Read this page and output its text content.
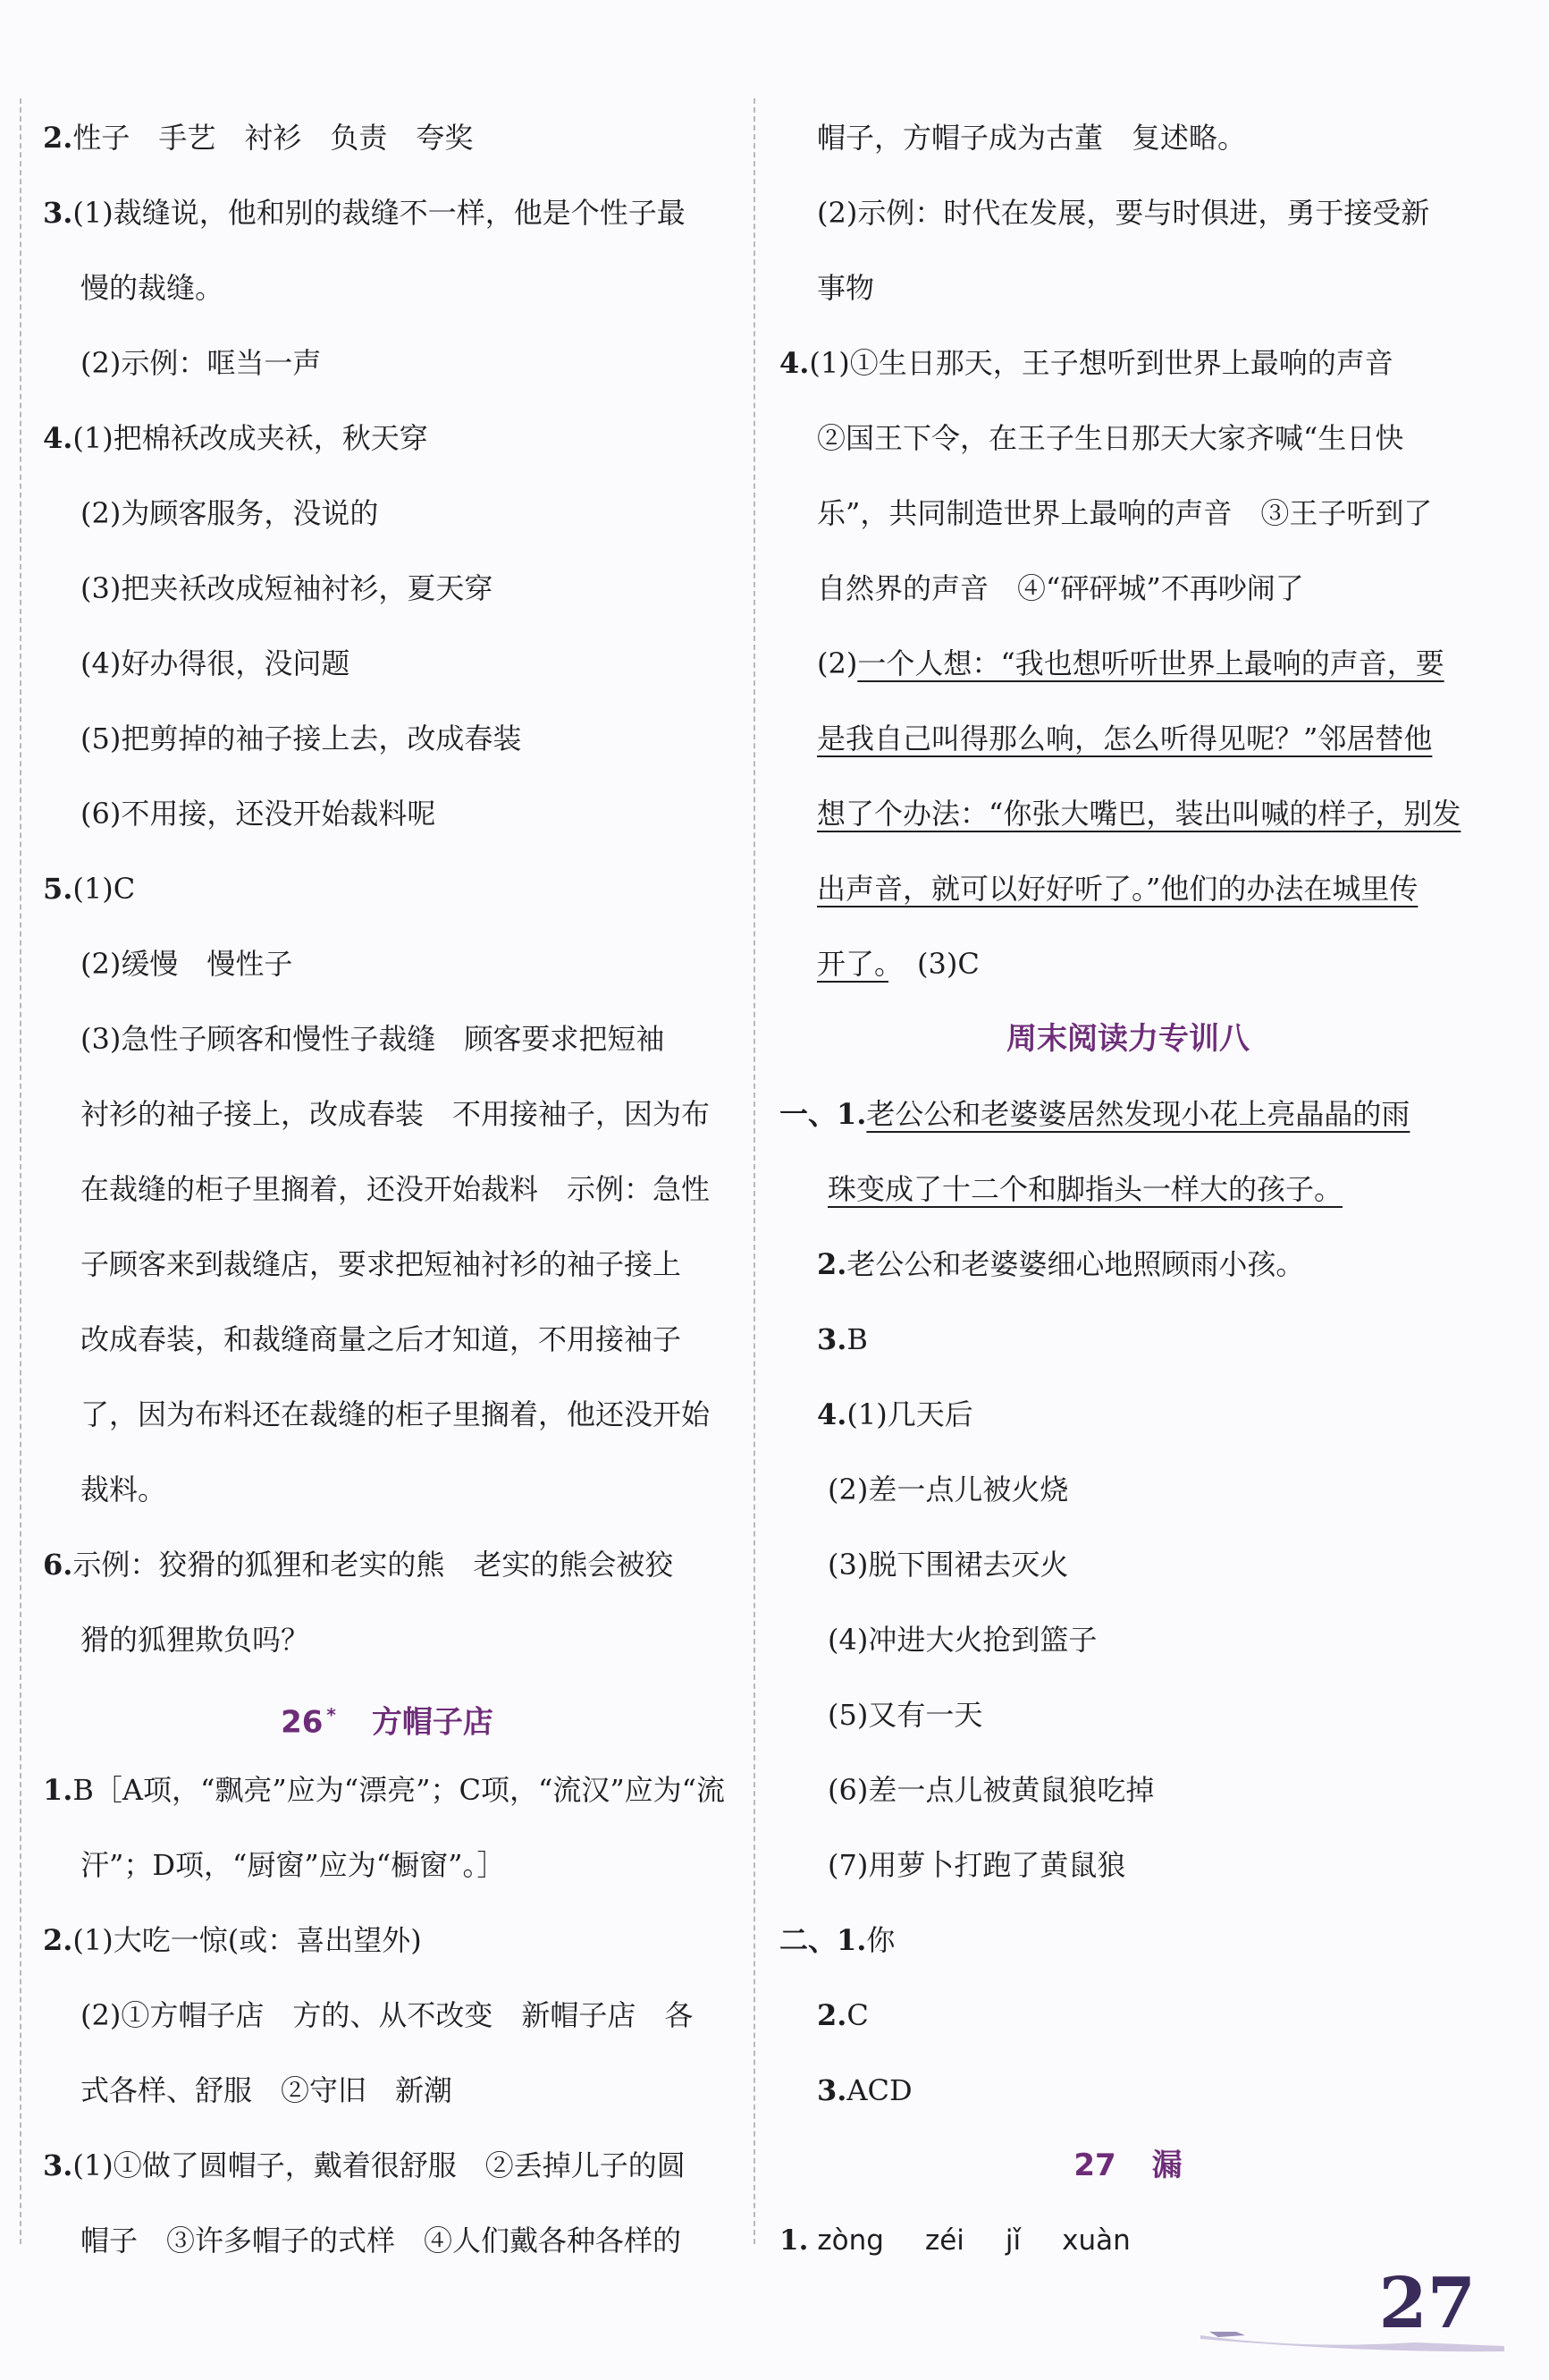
2.性子　手艺　衬衫　负责　夸奖
3.(1)裁缝说，他和别的裁缝不一样，他是个性子最
慢的裁缝。
(2)示例：哐当一声
4.(1)把棉袄改成夹袄，秋天穿
(2)为顾客服务，没说的
(3)把夹袄改成短袖衬衫，夏天穿
(4)好办得很，没问题
(5)把剪掉的袖子接上去，改成春装
(6)不用接，还没开始裁料呢
5.(1)C
(2)缓慢　慢性子
(3)急性子顾客和慢性子裁缝　顾客要求把短袖
衬衫的袖子接上，改成春装　不用接袖子，因为布
在裁缝的柜子里搁着，还没开始裁料　示例：急性
子顾客来到裁缝店，要求把短袖衬衫的袖子接上
改成春装，和裁缝商量之后才知道，不用接袖子
了，因为布料还在裁缝的柜子里搁着，他还没开始
裁料。
6.示例：狡猾的狐狸和老实的熊　老实的熊会被狡
猾的狐狸欺负吗？
26 * 方帽子店
1.B［A项，“飘亮”应为“漂亮”；C项，“流汉”应为“流
汗”；D项，“厨窗”应为“橱窗”。］
2.(1)大吃一惊(或：喜出望外)
(2)①方帽子店　方的、从不改变　新帽子店　各
式各样、舒服　②守旧　新潮
3.(1)①做了圆帽子，戴着很舒服　②丢掉儿子的圆
帽子　③许多帽子的式样　④人们戴各种各样的
帽子，方帽子成为古董　复述略。
(2)示例：时代在发展，要与时俱进，勇于接受新
事物
4.(1)①生日那天，王子想听到世界上最响的声音
②国王下令，在王子生日那天大家齐喊“生日快
乐”，共同制造世界上最响的声音　③王子听到了
自然界的声音　④“砰砰城”不再吵闹了
(2)一个人想：“我也想听听世界上最响的声音，要
是我自己叫得那么响，怎么听得见呢？”邻居替他
想了个办法：“你张大嘴巴，装出叫喊的样子，别发
出声音，就可以好好听了。”他们的办法在城里传
开了。　(3)C
周末阅读力专训八
一、1.老公公和老婆婆居然发现小花上亮晶晶的雨
珠变成了十二个和脚指头一样大的孩子。
2.老公公和老婆婆细心地照顾雨小孩。
3.B
4.(1)几天后
(2)差一点儿被火烧
(3)脱下围裙去灭火
(4)冲进大火抢到篮子
(5)又有一天
(6)差一点儿被黄鼠狼吃掉
(7)用萝卜打跑了黄鼠狼
二、1.你
2.C
3.ACD
27 漏
1. zòng zéi jǐ xuàn
27
